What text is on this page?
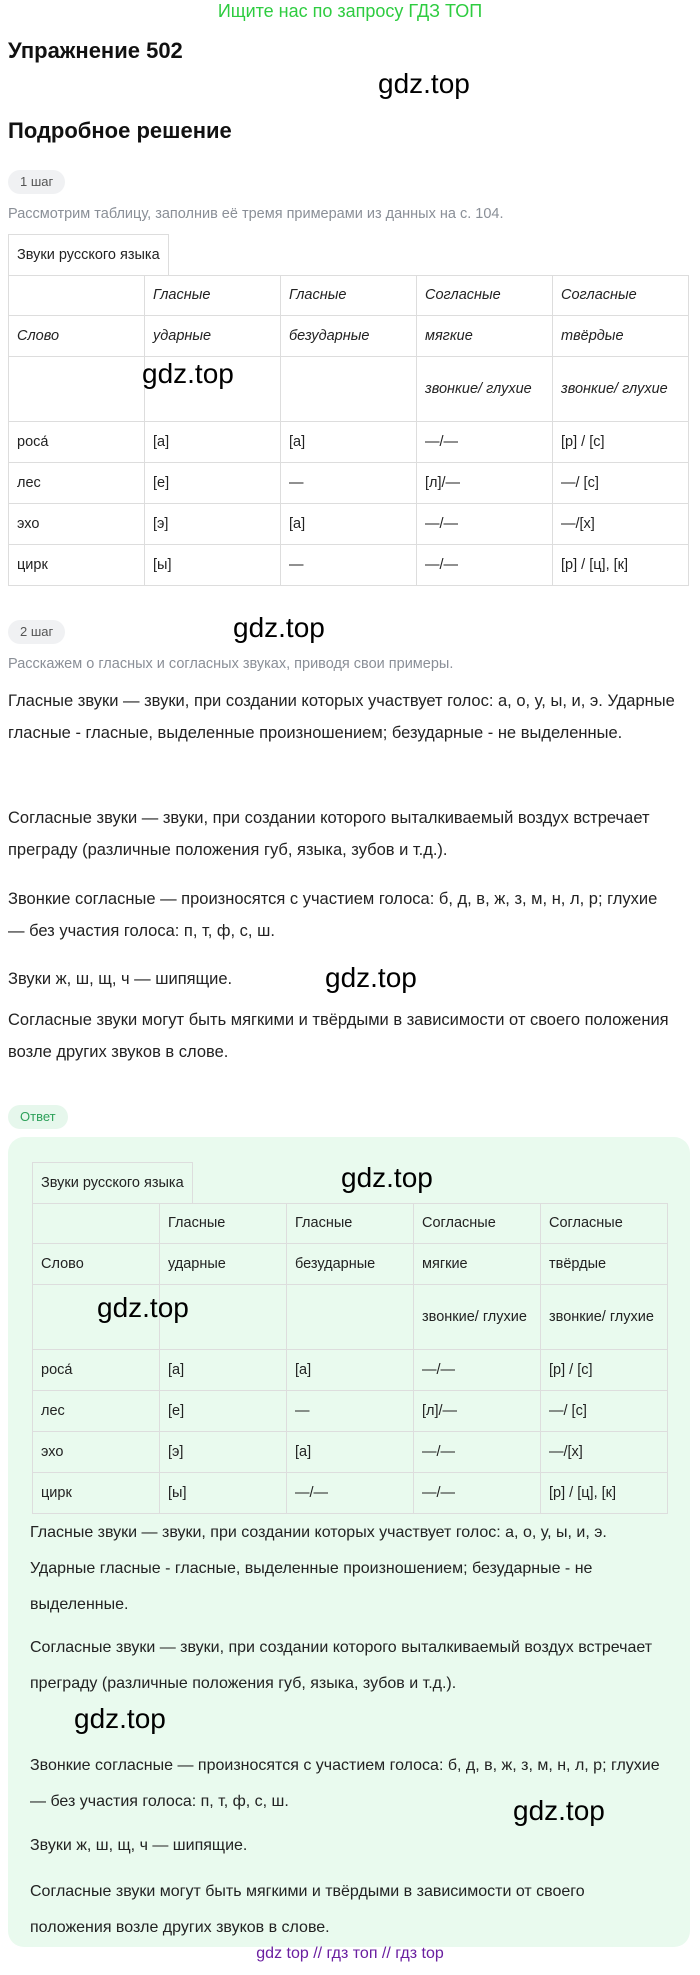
Ищите нас по запросу ГДЗ ТОП
Упражнение 502
gdz.top
Подробное решение
1 шаг
Рассмотрим таблицу, заполнив её тремя примерами из данных на с. 104.
Звуки русского языка
	Гласные	Гласные	Согласные	Согласные
Слово	ударные	безударные	мягкие	твёрдые
			звонкие/ глухие	звонкие/ глухие
роса́	[а]	[а]	—/—	[р] / [с]
лес	[е]	—	[л]/—	—/ [с]
эхо	[э]	[а]	—/—	—/[х]
цирк	[ы]	—	—/—	[р] / [ц], [к]
gdz.top
gdz.top
2 шаг
Расскажем о гласных и согласных звуках, приводя свои примеры.

Гласные звуки — звуки, при создании которых участвует голос: а, о, у, ы, и, э. Ударные гласные - гласные, выделенные произношением; безударные - не выделенные.

Согласные звуки — звуки, при создании которого выталкиваемый воздух встречает преграду (различные положения губ, языка, зубов и т.д.).

Звонкие согласные — произносятся с участием голоса: б, д, в, ж, з, м, н, л, р; глухие — без участия голоса: п, т, ф, с, ш.

Звуки ж, ш, щ, ч — шипящие.	gdz.top

Согласные звуки могут быть мягкими и твёрдыми в зависимости от своего положения возле других звуков в слове.

Ответ
Звуки русского языка
	Гласные	Гласные	Согласные	Согласные
Слово	ударные	безударные	мягкие	твёрдые
			звонкие/ глухие	звонкие/ глухие
роса́	[а]	[а]	—/—	[р] / [с]
лес	[е]	—	[л]/—	—/ [с]
эхо	[э]	[а]	—/—	—/[х]
цирк	[ы]	—/—	—/—	[р] / [ц], [к]
gdz.top
gdz.top

Гласные звуки — звуки, при создании которых участвует голос: а, о, у, ы, и, э. Ударные гласные - гласные, выделенные произношением; безударные - не выделенные.

Согласные звуки — звуки, при создании которого выталкиваемый воздух встречает преграду (различные положения губ, языка, зубов и т.д.).

gdz.top

Звонкие согласные — произносятся с участием голоса: б, д, в, ж, з, м, н, л, р; глухие — без участия голоса: п, т, ф, с, ш.	gdz.top

Звуки ж, ш, щ, ч — шипящие.

Согласные звуки могут быть мягкими и твёрдыми в зависимости от своего положения возле других звуков в слове.

gdz top // гдз топ // гдз top
